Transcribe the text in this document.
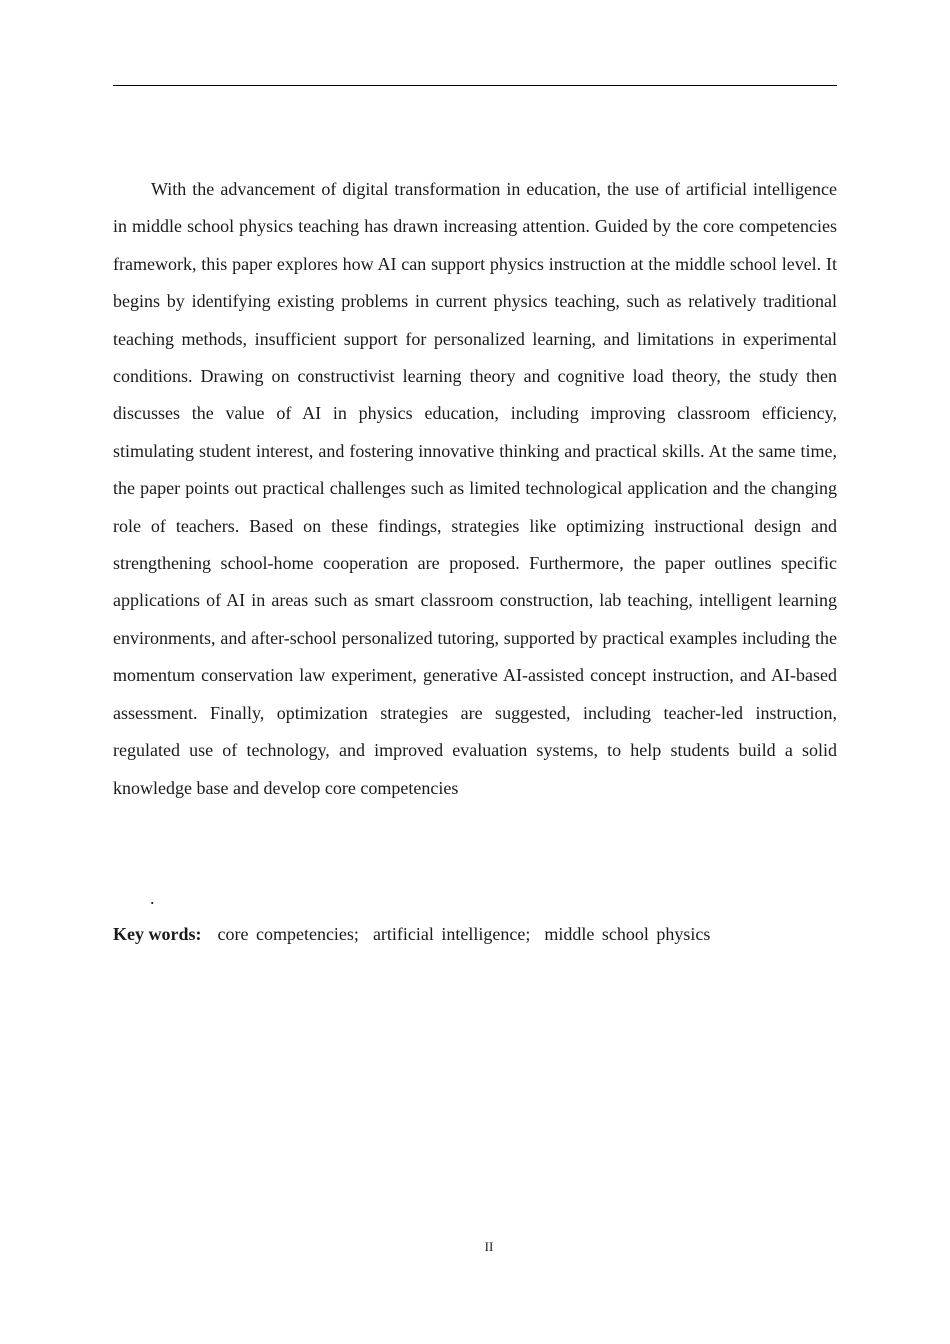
With the advancement of digital transformation in education, the use of artificial intelligence in middle school physics teaching has drawn increasing attention. Guided by the core competencies framework, this paper explores how AI can support physics instruction at the middle school level. It begins by identifying existing problems in current physics teaching, such as relatively traditional teaching methods, insufficient support for personalized learning, and limitations in experimental conditions. Drawing on constructivist learning theory and cognitive load theory, the study then discusses the value of AI in physics education, including improving classroom efficiency, stimulating student interest, and fostering innovative thinking and practical skills. At the same time, the paper points out practical challenges such as limited technological application and the changing role of teachers. Based on these findings, strategies like optimizing instructional design and strengthening school-home cooperation are proposed. Furthermore, the paper outlines specific applications of AI in areas such as smart classroom construction, lab teaching, intelligent learning environments, and after-school personalized tutoring, supported by practical examples including the momentum conservation law experiment, generative AI-assisted concept instruction, and AI-based assessment. Finally, optimization strategies are suggested, including teacher-led instruction, regulated use of technology, and improved evaluation systems, to help students build a solid knowledge base and develop core competencies

.
Key words: core competencies; artificial intelligence; middle school physics
II
